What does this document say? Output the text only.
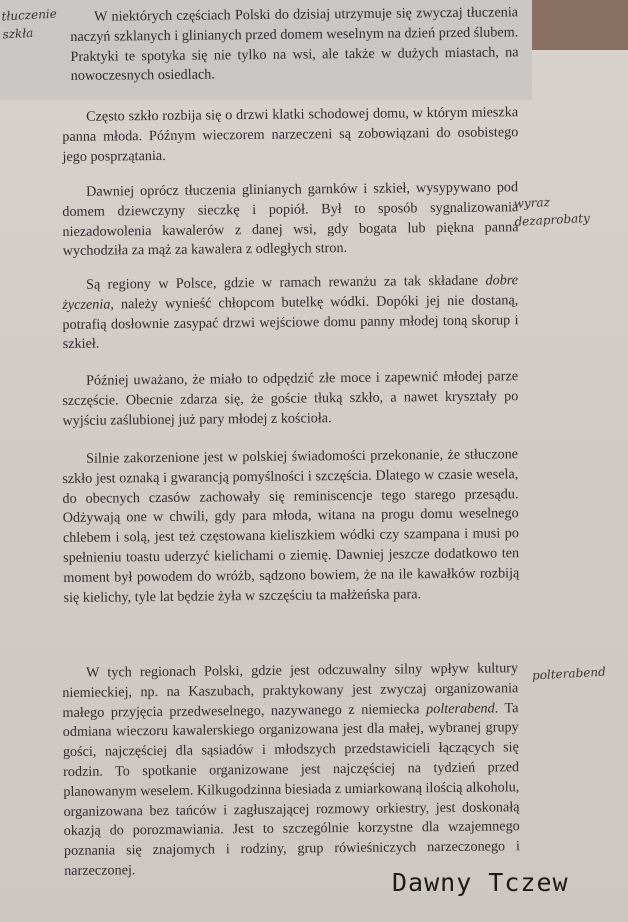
tłuczenie szkła
wyraz dezaprobaty
polterabend

W niektórych częściach Polski do dzisiaj utrzymuje się zwyczaj tłuczenia naczyń szklanych i glinianych przed domem weselnym na dzień przed ślubem. Praktyki te spotyka się nie tylko na wsi, ale także w dużych miastach, na nowoczesnych osiedlach.

Często szkło rozbija się o drzwi klatki schodowej domu, w którym mieszka panna młoda. Późnym wieczorem narzeczeni są zobowiązani do osobistego jego posprzątania.

Dawniej oprócz tłuczenia glinianych garnków i szkieł, wysypywano pod domem dziewczyny sieczkę i popiół. Był to sposób sygnalizowania niezadowolenia kawalerów z danej wsi, gdy bogata lub piękna panna wychodziła za mąż za kawalera z odległych stron.

Są regiony w Polsce, gdzie w ramach rewanżu za tak składane dobre życzenia, należy wynieść chłopcom butelkę wódki. Dopóki jej nie dostaną, potrafią dosłownie zasypać drzwi wejściowe domu panny młodej toną skorup i szkieł.

Później uważano, że miało to odpędzić złe moce i zapewnić młodej parze szczęście. Obecnie zdarza się, że goście tłuką szkło, a nawet kryształy po wyjściu zaślubionej już pary młodej z kościoła.

Silnie zakorzenione jest w polskiej świadomości przekonanie, że stłuczone szkło jest oznaką i gwarancją pomyślności i szczęścia. Dlatego w czasie wesela, do obecnych czasów zachowały się reminiscencje tego starego przesądu. Odżywają one w chwili, gdy para młoda, witana na progu domu weselnego chlebem i solą, jest też częstowana kieliszkiem wódki czy szampana i musi po spełnieniu toastu uderzyć kielichami o ziemię. Dawniej jeszcze dodatkowo ten moment był powodem do wróżb, sądzono bowiem, że na ile kawałków rozbiją się kielichy, tyle lat będzie żyła w szczęściu ta małżeńska para.

W tych regionach Polski, gdzie jest odczuwalny silny wpływ kultury niemieckiej, np. na Kaszubach, praktykowany jest zwyczaj organizowania małego przyjęcia przedweselnego, nazywanego z niemiecka polterabend. Ta odmiana wieczoru kawalerskiego organizowana jest dla małej, wybranej grupy gości, najczęściej dla sąsiadów i młodszych przedstawicieli łączących się rodzin. To spotkanie organizowane jest najczęściej na tydzień przed planowanym weselem. Kilkugodzinna biesiada z umiarkowaną ilością alkoholu, organizowana bez tańców i zagłuszającej rozmowy orkiestry, jest doskonałą okazją do porozmawiania. Jest to szczególnie korzystne dla wzajemnego poznania się znajomych i rodziny, grup rówieśniczych narzeczonego i narzeczonej.	Dawny Tczew
